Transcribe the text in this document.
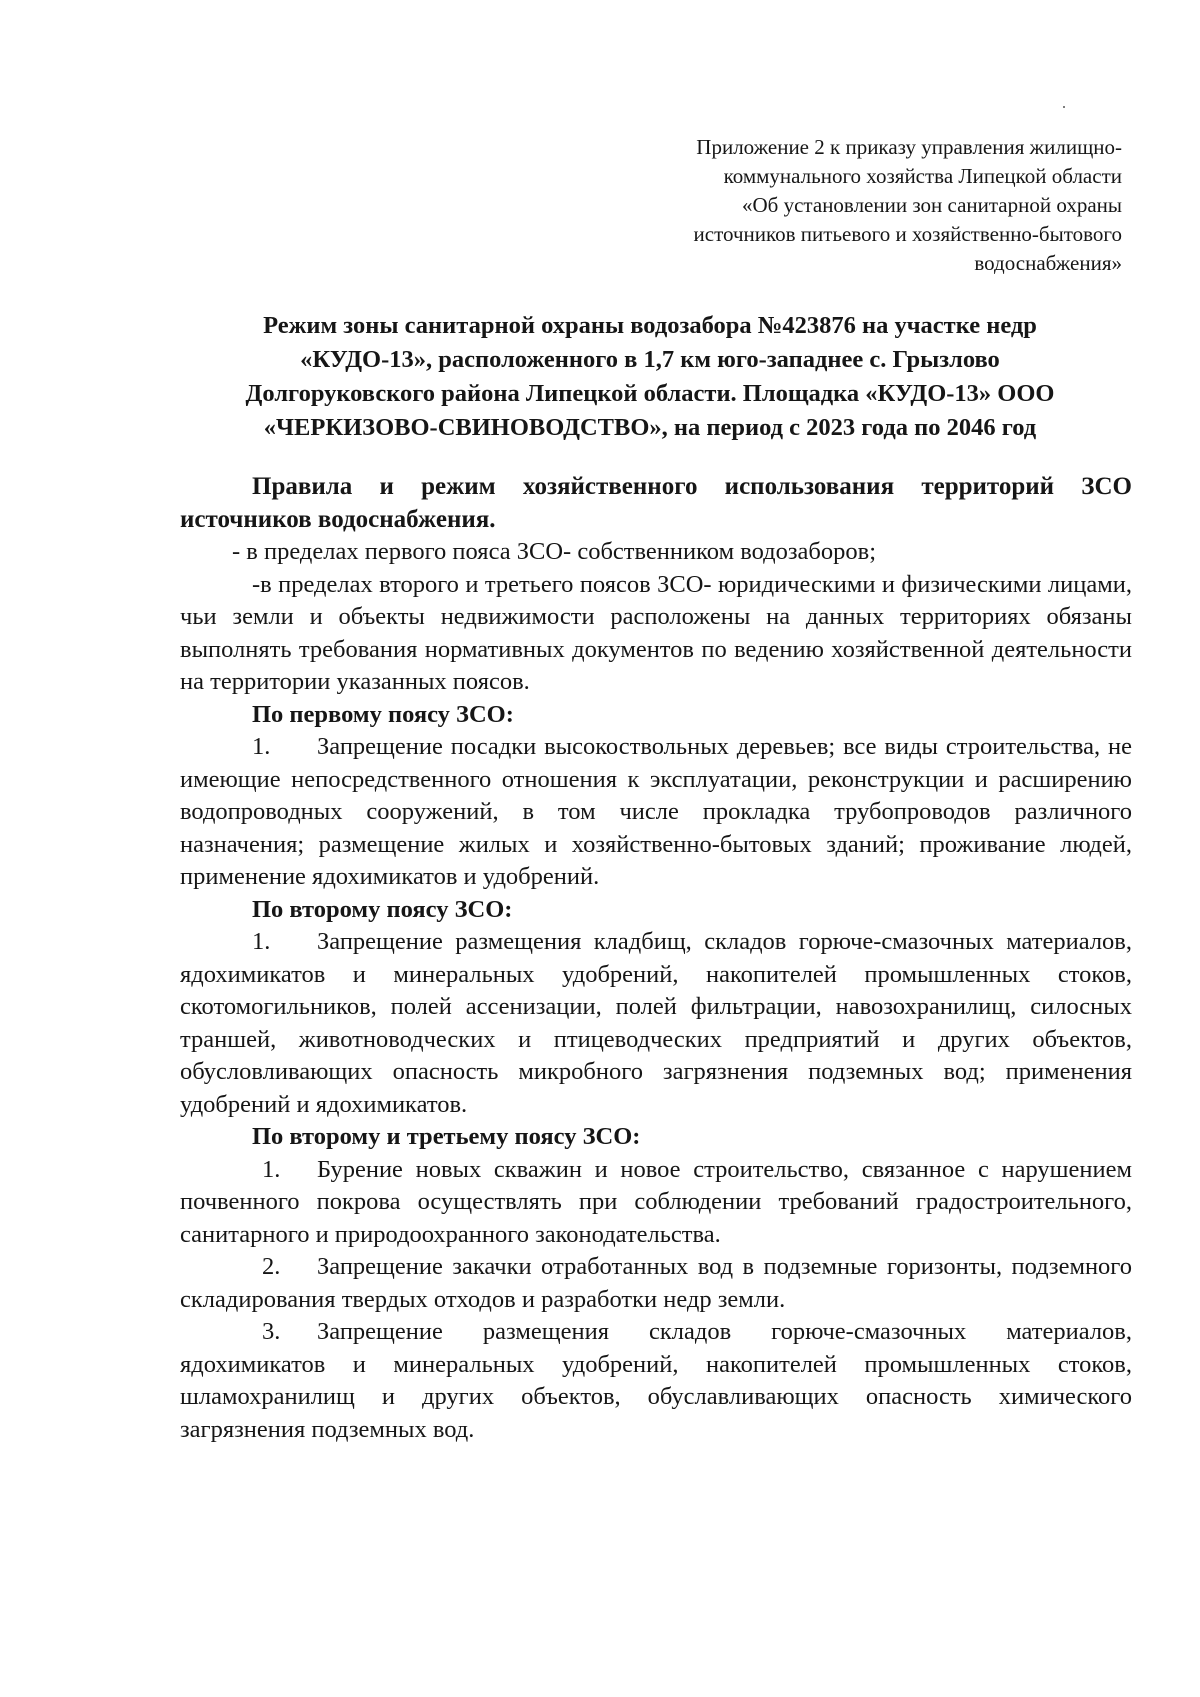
Приложение 2 к приказу управления жилищно-
коммунального хозяйства Липецкой области
«Об установлении зон санитарной охраны
источников питьевого и хозяйственно-бытового
водоснабжения»
Режим зоны санитарной охраны водозабора №423876 на участке недр
«КУДО-13», расположенного в 1,7 км юго-западнее с. Грызлово
Долгоруковского района Липецкой области. Площадка «КУДО-13» ООО
«ЧЕРКИЗОВО-СВИНОВОДСТВО», на период с 2023 года по 2046 год

Правила и режим хозяйственного использования территорий ЗСО источников водоснабжения.

- в пределах первого пояса ЗСО- собственником водозаборов;

-в пределах второго и третьего поясов ЗСО- юридическими и физическими лицами, чьи земли и объекты недвижимости расположены на данных территориях обязаны выполнять требования нормативных документов по ведению хозяйственной деятельности на территории указанных поясов.

По первому поясу ЗСО:

1. Запрещение посадки высокоствольных деревьев; все виды строительства, не имеющие непосредственного отношения к эксплуатации, реконструкции и расширению водопроводных сооружений, в том числе прокладка трубопроводов различного назначения; размещение жилых и хозяйственно-бытовых зданий; проживание людей, применение ядохимикатов и удобрений.

По второму поясу ЗСО:

1. Запрещение размещения кладбищ, складов горюче-смазочных материалов, ядохимикатов и минеральных удобрений, накопителей промышленных стоков, скотомогильников, полей ассенизации, полей фильтрации, навозохранилищ, силосных траншей, животноводческих и птицеводческих предприятий и других объектов, обусловливающих опасность микробного загрязнения подземных вод; применения удобрений и ядохимикатов.

По второму и третьему поясу ЗСО:

1. Бурение новых скважин и новое строительство, связанное с нарушением почвенного покрова осуществлять при соблюдении требований градостроительного, санитарного и природоохранного законодательства.

2. Запрещение закачки отработанных вод в подземные горизонты, подземного складирования твердых отходов и разработки недр земли.

3. Запрещение размещения складов горюче-смазочных материалов, ядохимикатов и минеральных удобрений, накопителей промышленных стоков, шламохранилищ и других объектов, обуславливающих опасность химического загрязнения подземных вод.
